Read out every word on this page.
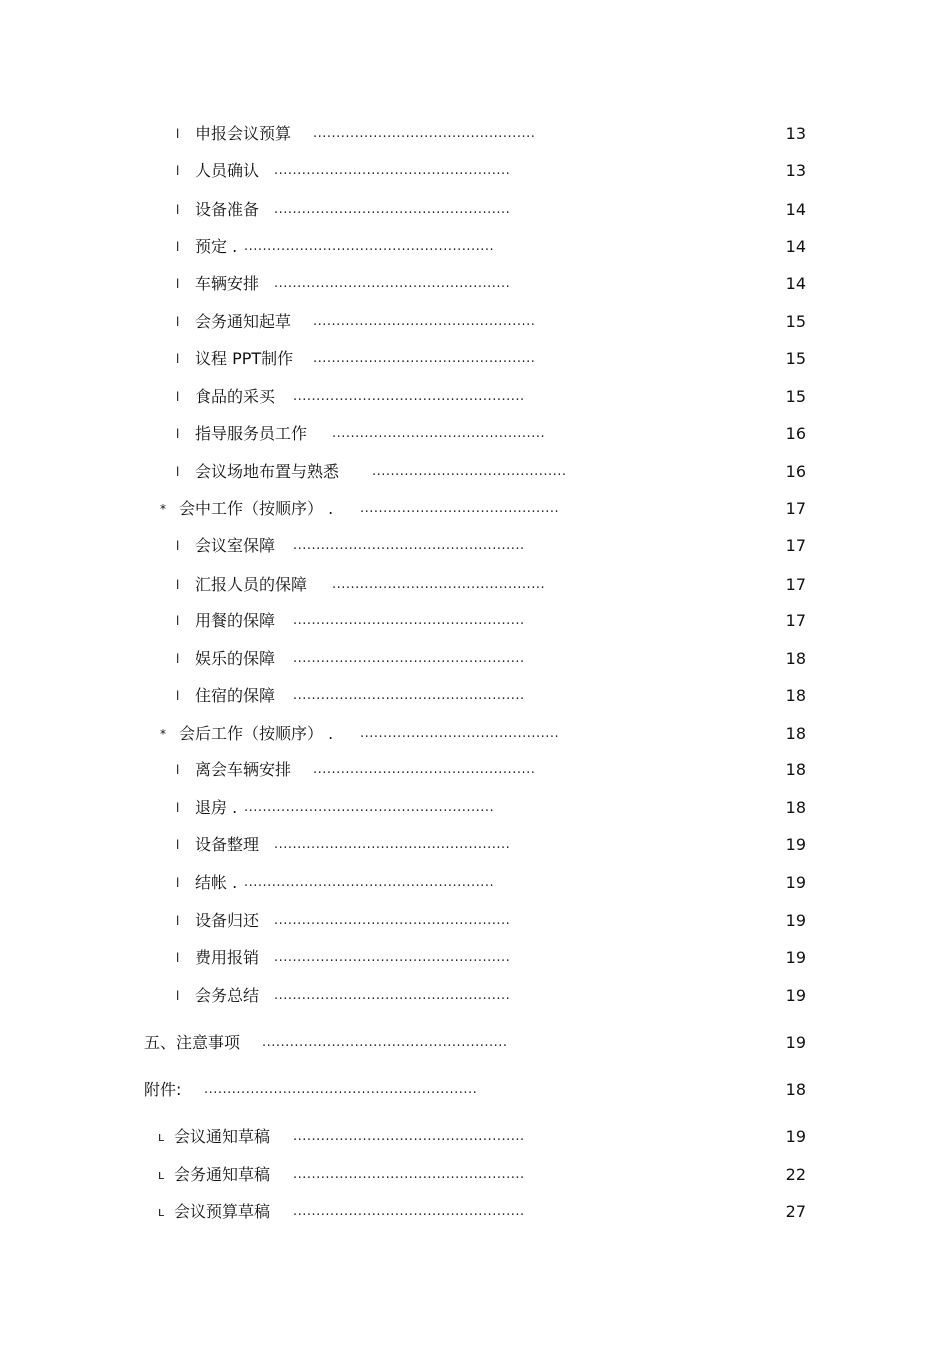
l 申报会议预算 ................................................	13
l 人员确认 ...................................................	13
l 设备准备 ...................................................	14
l 预定 . ......................................................	14
l 车辆安排 ...................................................	14
l 会务通知起草 ................................................	15
l 议程 PPT制作 ................................................	15
l 食品的采买 ..................................................	15
l 指导服务员工作 ..............................................	16
l 会议场地布置与熟悉	..........................................	16
* 会中工作（按顺序） . ...........................................	17
l 会议室保障 ..................................................	17
l 汇报人员的保障 ..............................................	17
l 用餐的保障 ..................................................	17
l 娱乐的保障 ..................................................	18
l 住宿的保障 ..................................................	18
* 会后工作（按顺序） . ...........................................	18
l 离会车辆安排 ................................................	18
l 退房 . ......................................................	18
l 设备整理 ...................................................	19
l 结帐 . ......................................................	19
l 设备归还 ...................................................	19
l 费用报销 ...................................................	19
l 会务总结 ...................................................	19
五、注意事项 .....................................................	19
附件: ...........................................................	18
ʟ 会议通知草稿 ..................................................	19
ʟ 会务通知草稿 ..................................................	22
ʟ 会议预算草稿 ..................................................	27
